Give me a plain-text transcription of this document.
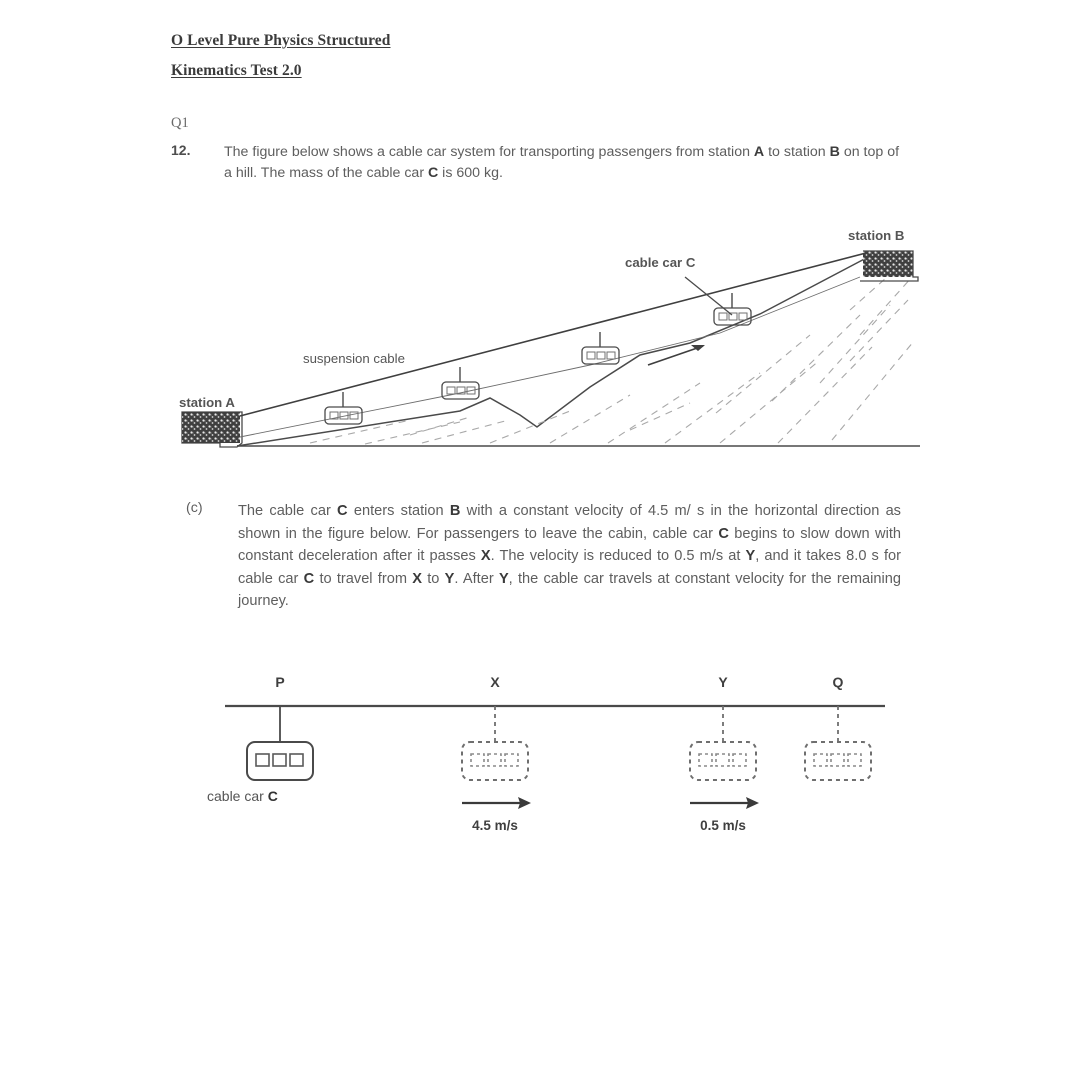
O Level Pure Physics Structured
Kinematics Test 2.0
Q1
12. The figure below shows a cable car system for transporting passengers from station A to station B on top of a hill. The mass of the cable car C is 600 kg.
station A
station B
cable car C
suspension cable
(c) The cable car C enters station B with a constant velocity of 4.5 m/ s in the horizontal direction as shown in the figure below. For passengers to leave the cabin, cable car C begins to slow down with constant deceleration after it passes X. The velocity is reduced to 0.5 m/s at Y, and it takes 8.0 s for cable car C to travel from X to Y. After Y, the cable car travels at constant velocity for the remaining journey.
P
4.5 m/s
X
0.5 m/s
Y	Q
cable car C
